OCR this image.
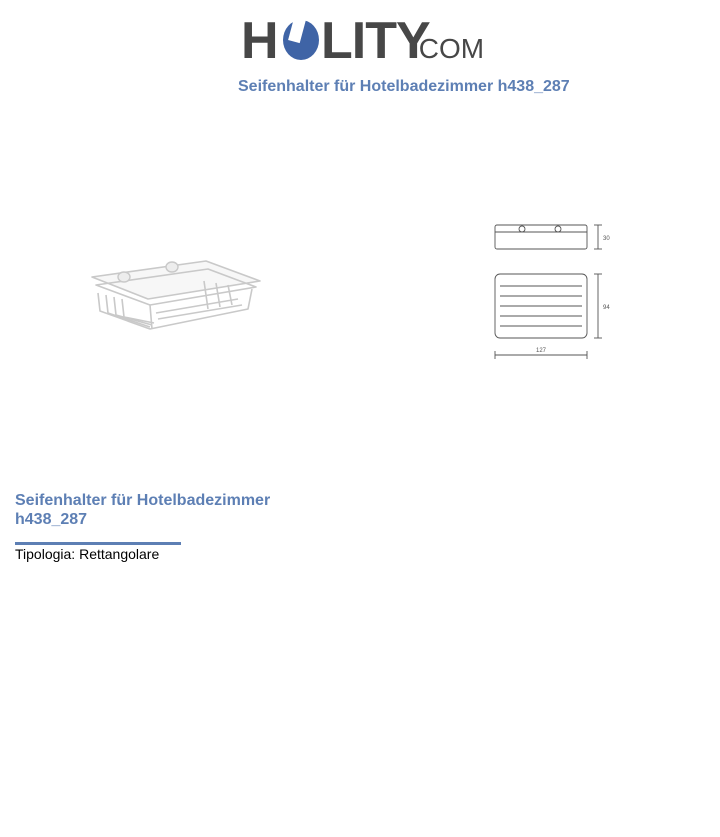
H LITY
.COM
Seifenhalter für Hotelbadezimmer h438_287
30
94
127
Seifenhalter für Hotelbadezimmer h438_287
Tipologia: Rettangolare
